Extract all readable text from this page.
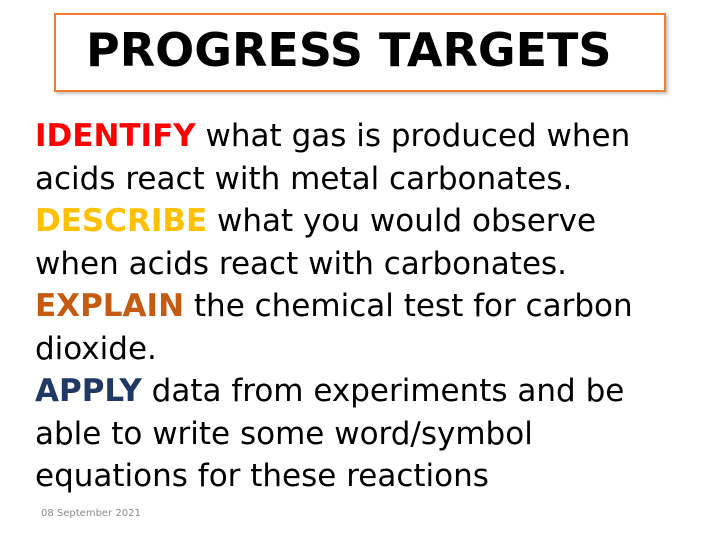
PROGRESS TARGETS

IDENTIFY what gas is produced when acids react with metal carbonates.

DESCRIBE what you would observe when acids react with carbonates.

EXPLAIN the chemical test for carbon dioxide.

APPLY data from experiments and be able to write some word/symbol equations for these reactions

08 September 2021
